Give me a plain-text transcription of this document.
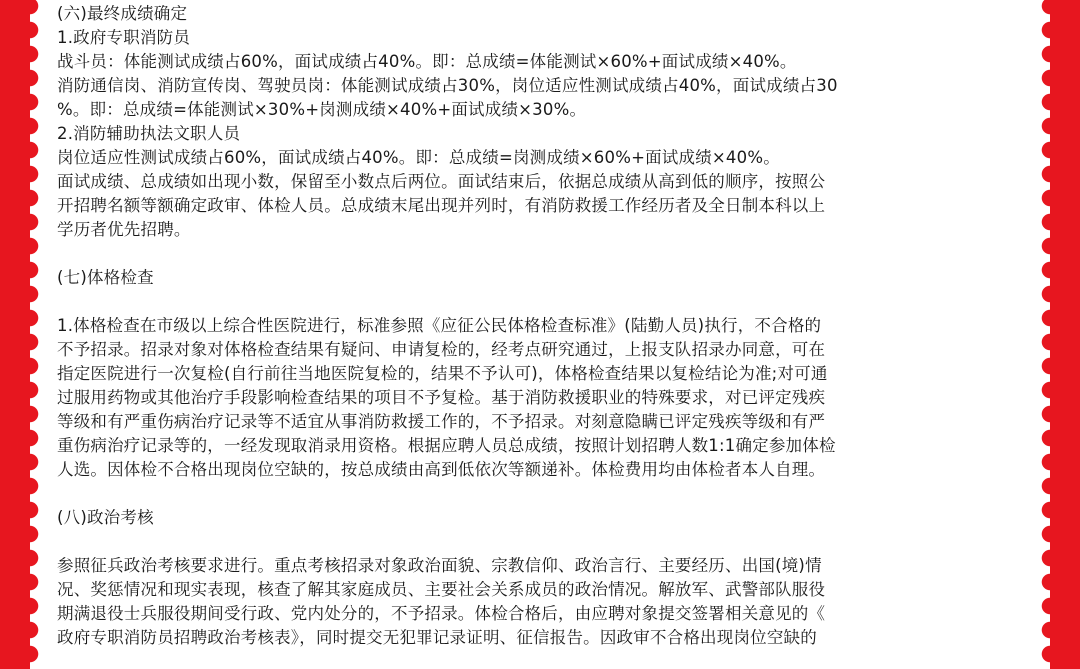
(六)最终成绩确定
1.政府专职消防员
战斗员：体能测试成绩占60%，面试成绩占40%。即：总成绩=体能测试×60%+面试成绩×40%。
消防通信岗、消防宣传岗、驾驶员岗：体能测试成绩占30%，岗位适应性测试成绩占40%，面试成绩占30
%。即：总成绩=体能测试×30%+岗测成绩×40%+面试成绩×30%。
2.消防辅助执法文职人员
岗位适应性测试成绩占60%，面试成绩占40%。即：总成绩=岗测成绩×60%+面试成绩×40%。
面试成绩、总成绩如出现小数，保留至小数点后两位。面试结束后，依据总成绩从高到低的顺序，按照公
开招聘名额等额确定政审、体检人员。总成绩末尾出现并列时，有消防救援工作经历者及全日制本科以上
学历者优先招聘。
(七)体格检查
1.体格检查在市级以上综合性医院进行，标准参照《应征公民体格检查标准》(陆勤人员)执行，不合格的
不予招录。招录对象对体格检查结果有疑问、申请复检的，经考点研究通过，上报支队招录办同意，可在
指定医院进行一次复检(自行前往当地医院复检的，结果不予认可)，体格检查结果以复检结论为准;对可通
过服用药物或其他治疗手段影响检查结果的项目不予复检。基于消防救援职业的特殊要求，对已评定残疾
等级和有严重伤病治疗记录等不适宜从事消防救援工作的，不予招录。对刻意隐瞒已评定残疾等级和有严
重伤病治疗记录等的，一经发现取消录用资格。根据应聘人员总成绩，按照计划招聘人数1:1确定参加体检
人选。因体检不合格出现岗位空缺的，按总成绩由高到低依次等额递补。体检费用均由体检者本人自理。
(八)政治考核
参照征兵政治考核要求进行。重点考核招录对象政治面貌、宗教信仰、政治言行、主要经历、出国(境)情
况、奖惩情况和现实表现，核查了解其家庭成员、主要社会关系成员的政治情况。解放军、武警部队服役
期满退役士兵服役期间受行政、党内处分的，不予招录。体检合格后，由应聘对象提交签署相关意见的《
政府专职消防员招聘政治考核表》，同时提交无犯罪记录证明、征信报告。因政审不合格出现岗位空缺的
